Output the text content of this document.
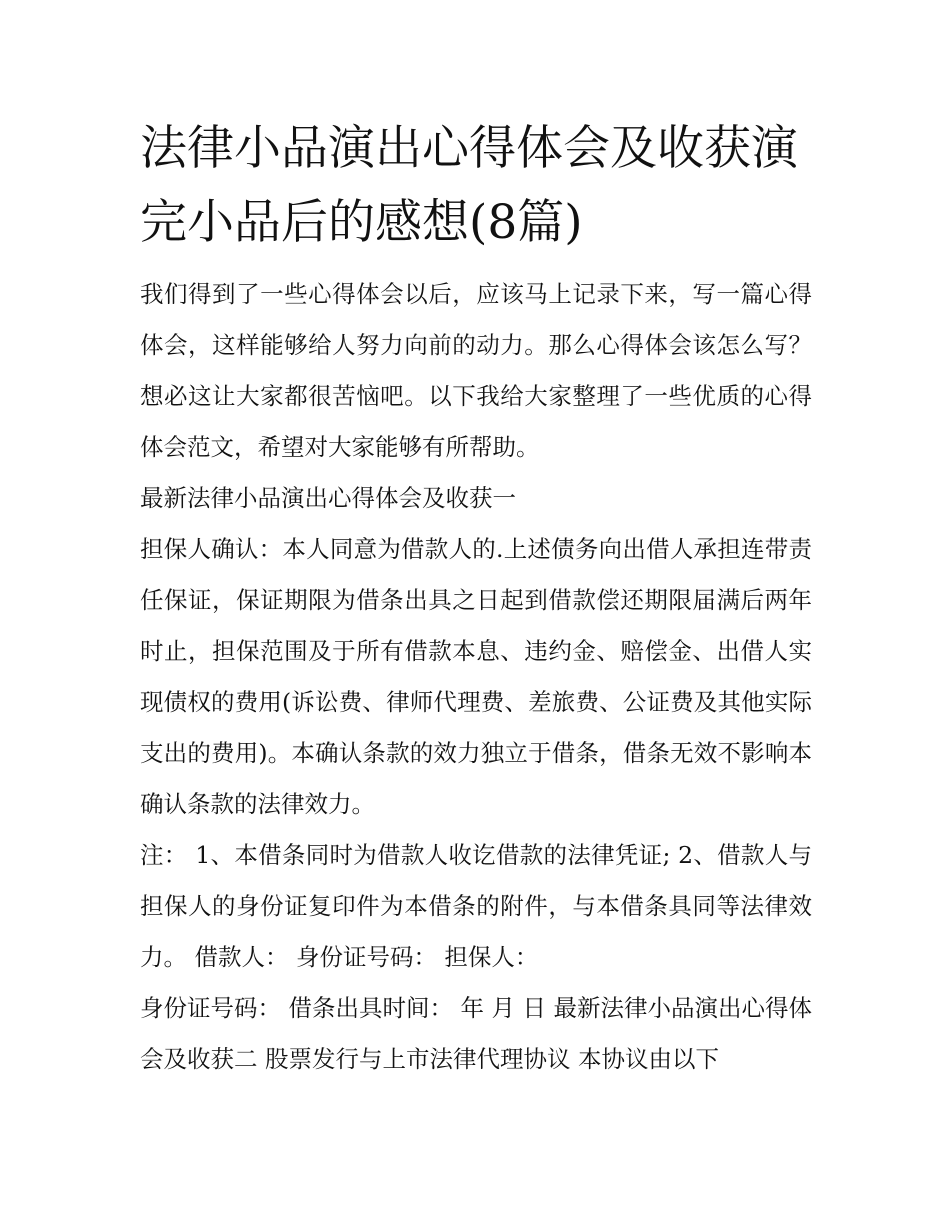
法律小品演出心得体会及收获演完小品后的感想(8篇)

我们得到了一些心得体会以后，应该马上记录下来，写一篇心得体会，这样能够给人努力向前的动力。那么心得体会该怎么写？想必这让大家都很苦恼吧。以下我给大家整理了一些优质的心得体会范文，希望对大家能够有所帮助。

最新法律小品演出心得体会及收获一

担保人确认：本人同意为借款人的.上述债务向出借人承担连带责任保证，保证期限为借条出具之日起到借款偿还期限届满后两年时止，担保范围及于所有借款本息、违约金、赔偿金、出借人实现债权的费用(诉讼费、律师代理费、差旅费、公证费及其他实际支出的费用)。本确认条款的效力独立于借条，借条无效不影响本确认条款的法律效力。

注： 1、本借条同时为借款人收讫借款的法律凭证; 2、借款人与担保人的身份证复印件为本借条的附件，与本借条具同等法律效力。 借款人： 身份证号码： 担保人：

身份证号码： 借条出具时间： 年 月 日 最新法律小品演出心得体会及收获二 股票发行与上市法律代理协议 本协议由以下
